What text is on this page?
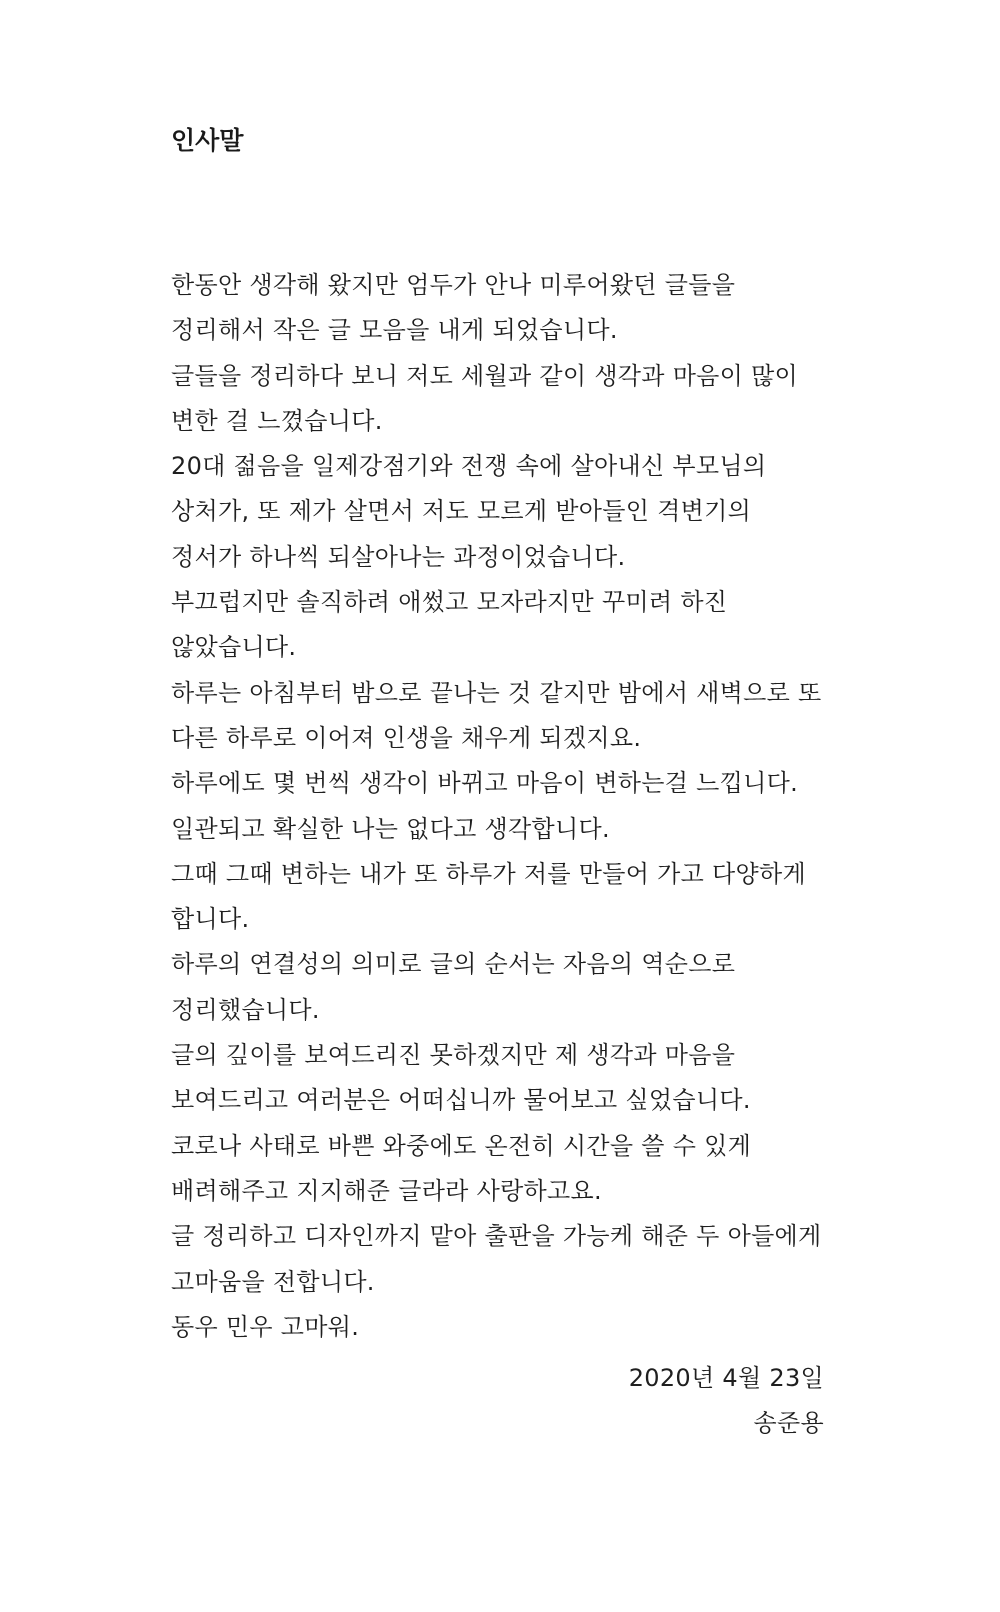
인사말
한동안 생각해 왔지만 엄두가 안나 미루어왔던 글들을
정리해서 작은 글 모음을 내게 되었습니다.
글들을 정리하다 보니 저도 세월과 같이 생각과 마음이 많이
변한 걸 느꼈습니다.
20대 젊음을 일제강점기와 전쟁 속에 살아내신 부모님의
상처가, 또 제가 살면서 저도 모르게 받아들인 격변기의
정서가 하나씩 되살아나는 과정이었습니다.
부끄럽지만 솔직하려 애썼고 모자라지만 꾸미려 하진
않았습니다.
하루는 아침부터 밤으로 끝나는 것 같지만 밤에서 새벽으로 또
다른 하루로 이어져 인생을 채우게 되겠지요.
하루에도 몇 번씩 생각이 바뀌고 마음이 변하는걸 느낍니다.
일관되고 확실한 나는 없다고 생각합니다.
그때 그때 변하는 내가 또 하루가 저를 만들어 가고 다양하게
합니다.
하루의 연결성의 의미로 글의 순서는 자음의 역순으로
정리했습니다.
글의 깊이를 보여드리진 못하겠지만 제 생각과 마음을
보여드리고 여러분은 어떠십니까 물어보고 싶었습니다.
코로나 사태로 바쁜 와중에도 온전히 시간을 쓸 수 있게
배려해주고 지지해준 글라라 사랑하고요.
글 정리하고 디자인까지 맡아 출판을 가능케 해준 두 아들에게
고마움을 전합니다.
동우 민우 고마워.
2020년 4월 23일
송준용
